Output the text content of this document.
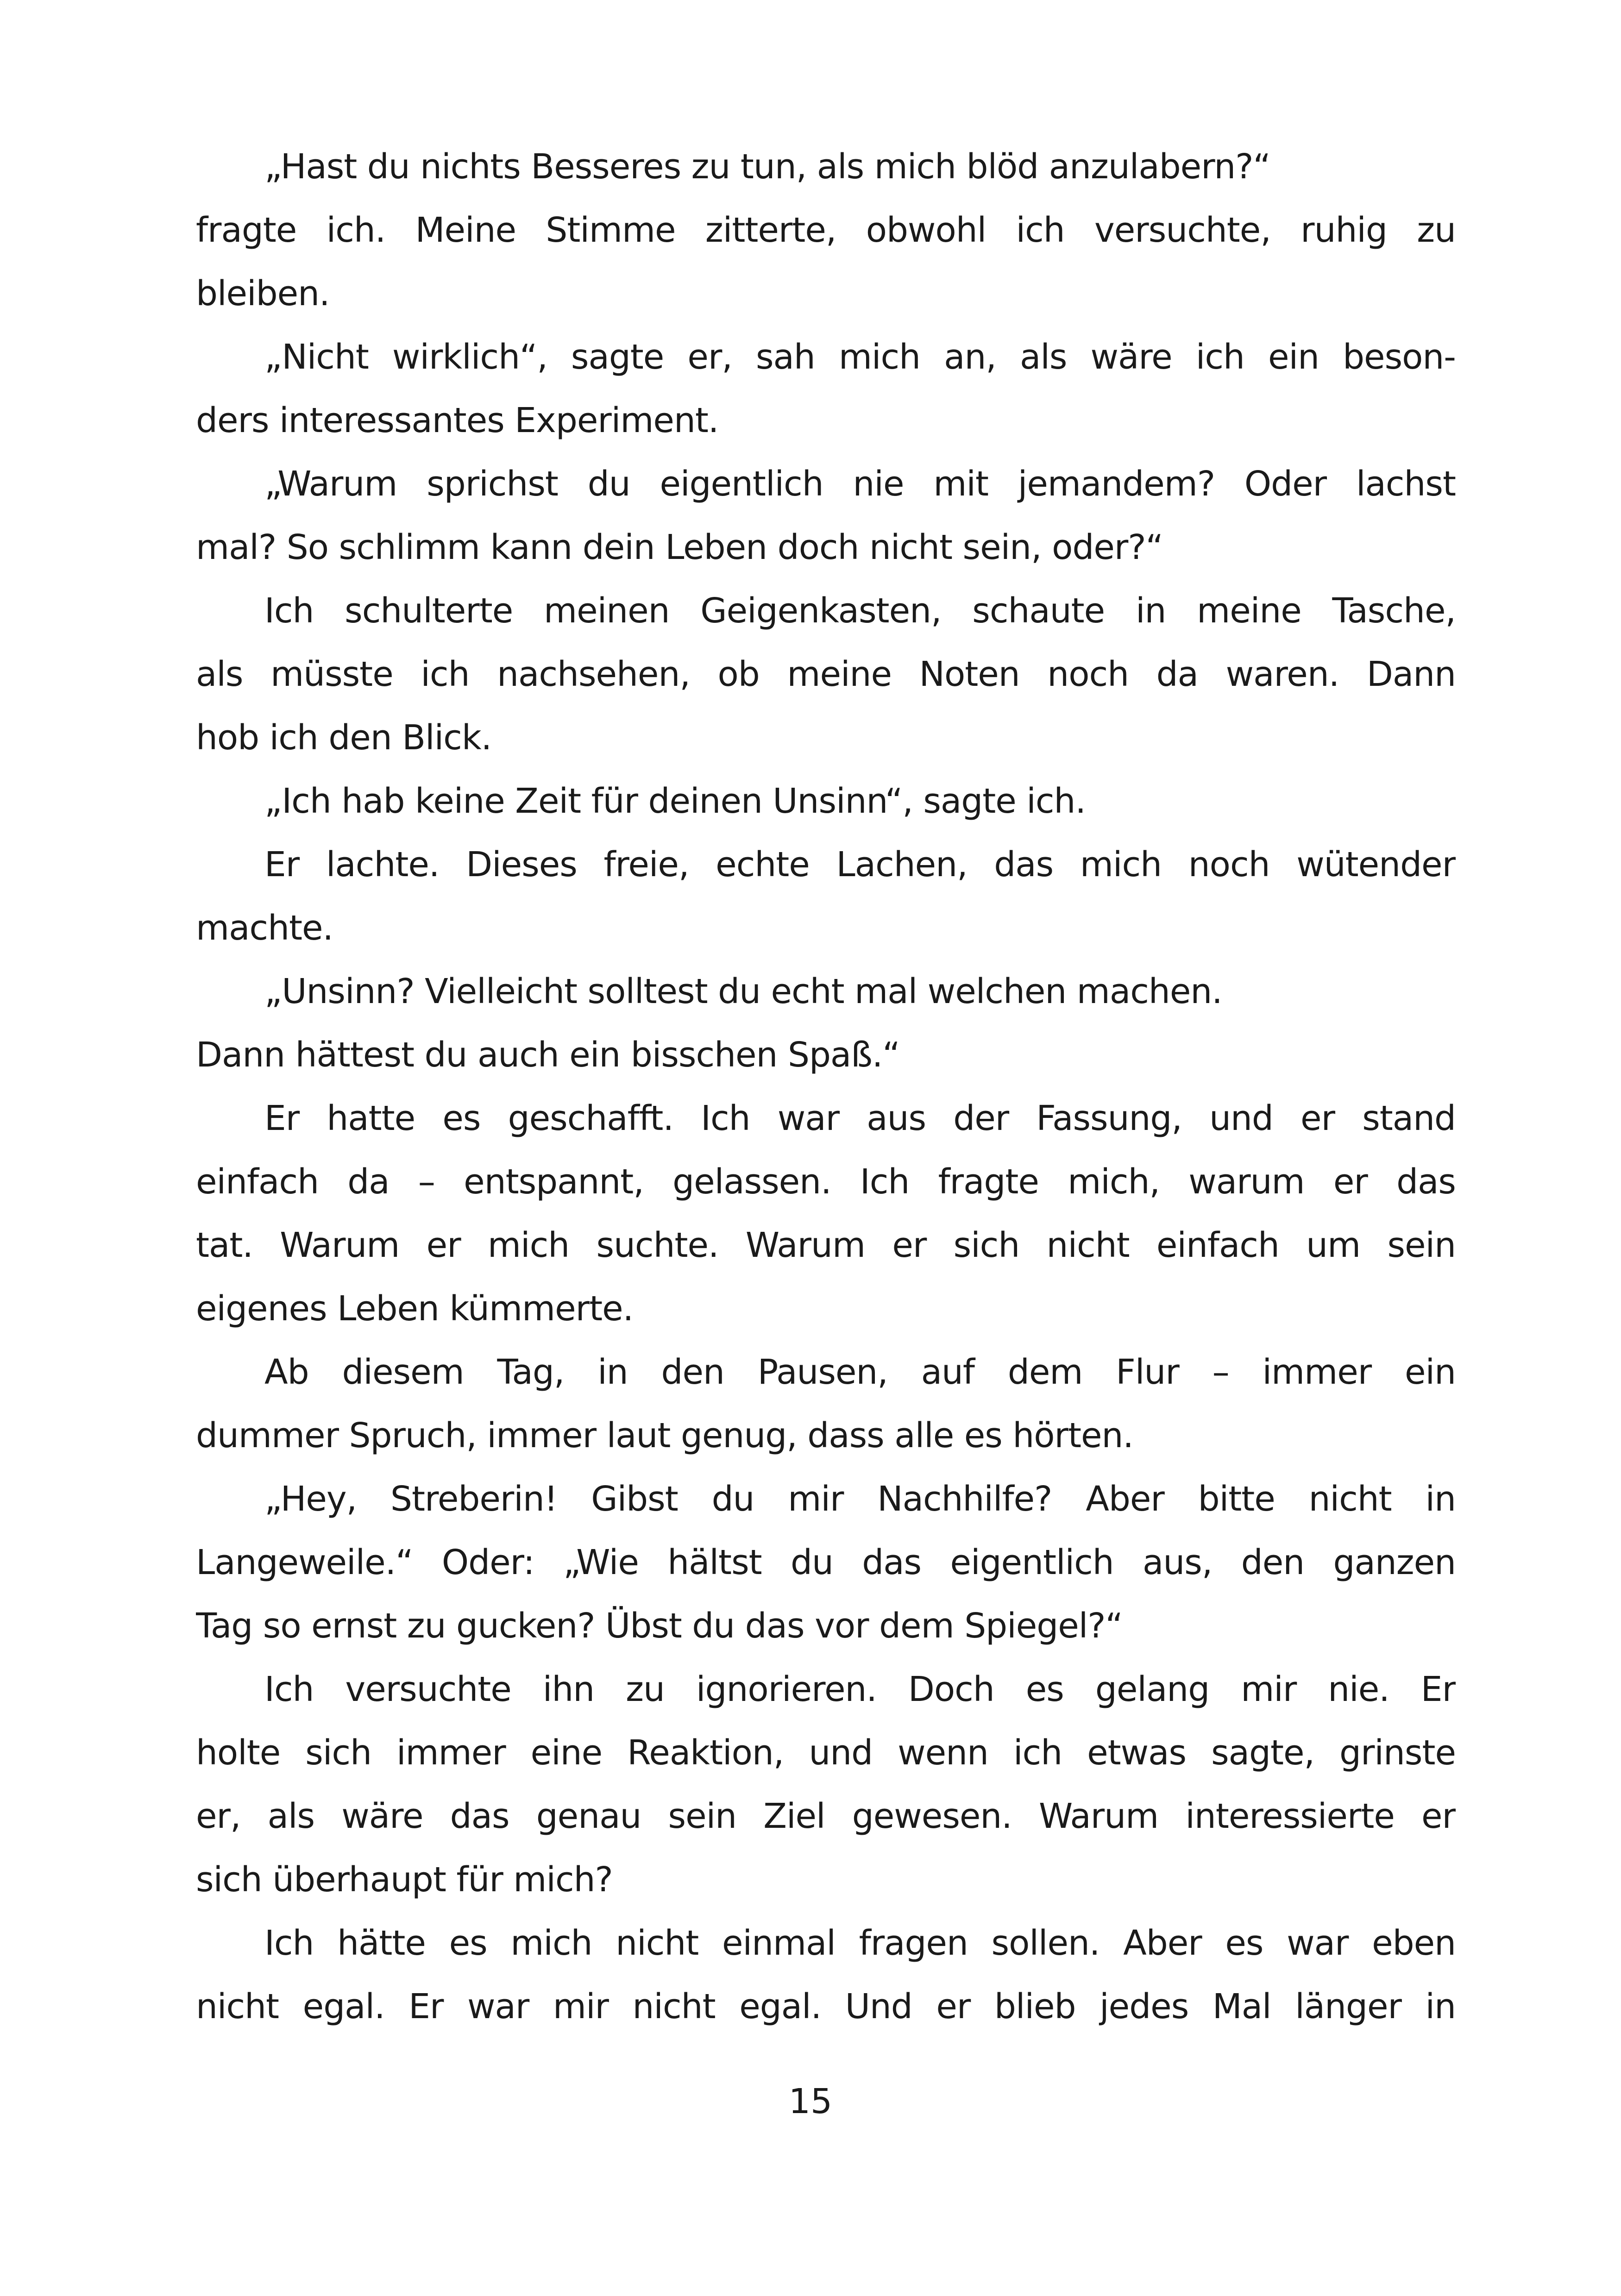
„Hast du nichts Besseres zu tun, als mich blöd anzulabern?“
fragte ich. Meine Stimme zitterte, obwohl ich versuchte, ruhig zu
bleiben.
„Nicht wirklich“, sagte er, sah mich an, als wäre ich ein beson-
ders interessantes Experiment.
„Warum sprichst du eigentlich nie mit jemandem? Oder lachst
mal? So schlimm kann dein Leben doch nicht sein, oder?“
Ich schulterte meinen Geigenkasten, schaute in meine Tasche,
als müsste ich nachsehen, ob meine Noten noch da waren. Dann
hob ich den Blick.
„Ich hab keine Zeit für deinen Unsinn“, sagte ich.
Er lachte. Dieses freie, echte Lachen, das mich noch wütender
machte.
„Unsinn? Vielleicht solltest du echt mal welchen machen.
Dann hättest du auch ein bisschen Spaß.“
Er hatte es geschafft. Ich war aus der Fassung, und er stand
einfach da – entspannt, gelassen. Ich fragte mich, warum er das
tat. Warum er mich suchte. Warum er sich nicht einfach um sein
eigenes Leben kümmerte.
Ab diesem Tag, in den Pausen, auf dem Flur – immer ein
dummer Spruch, immer laut genug, dass alle es hörten.
„Hey, Streberin! Gibst du mir Nachhilfe? Aber bitte nicht in
Langeweile.“ Oder: „Wie hältst du das eigentlich aus, den ganzen
Tag so ernst zu gucken? Übst du das vor dem Spiegel?“
Ich versuchte ihn zu ignorieren. Doch es gelang mir nie. Er
holte sich immer eine Reaktion, und wenn ich etwas sagte, grinste
er, als wäre das genau sein Ziel gewesen. Warum interessierte er
sich überhaupt für mich?
Ich hätte es mich nicht einmal fragen sollen. Aber es war eben
nicht egal. Er war mir nicht egal. Und er blieb jedes Mal länger in
15
